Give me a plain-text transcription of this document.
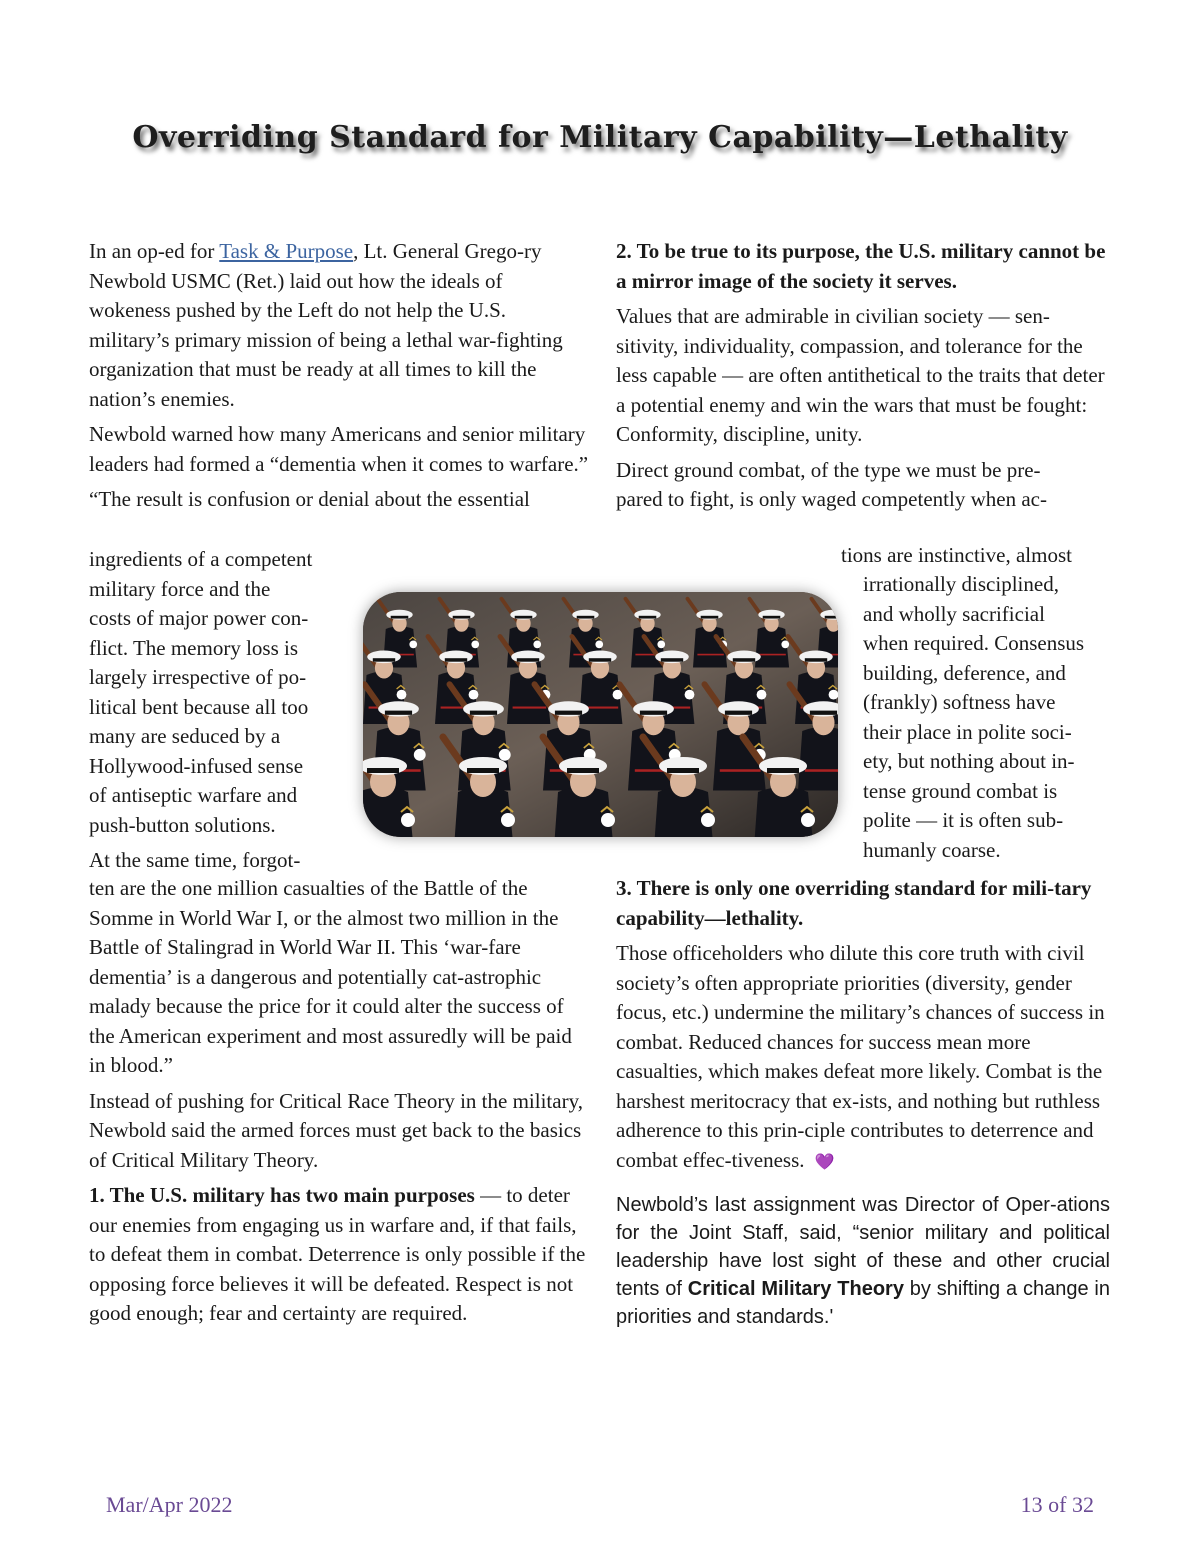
Overriding Standard for Military Capability—Lethality

In an op-ed for Task & Purpose, Lt. General Grego-ry Newbold USMC (Ret.) laid out how the ideals of wokeness pushed by the Left do not help the U.S. military’s primary mission of being a lethal war-fighting organization that must be ready at all times to kill the nation’s enemies.

Newbold warned how many Americans and senior military leaders had formed a “dementia when it comes to warfare.”

“The result is confusion or denial about the essential

ingredients of a competent
military force and the
costs of major power con-
flict. The memory loss is
largely irrespective of po-
litical bent because all too
many are seduced by a
Hollywood-infused sense
of antiseptic warfare and
push-button solutions.
At the same time, forgot-

ten are the one million casualties of the Battle of the Somme in World War I, or the almost two million in the Battle of Stalingrad in World War II. This ‘war-fare dementia’ is a dangerous and potentially cat-astrophic malady because the price for it could alter the success of the American experiment and most assuredly will be paid in blood.”

Instead of pushing for Critical Race Theory in the military, Newbold said the armed forces must get back to the basics of Critical Military Theory.

1. The U.S. military has two main purposes — to deter our enemies from engaging us in warfare and, if that fails, to defeat them in combat. Deterrence is only possible if the opposing force believes it will be defeated. Respect is not good enough; fear and certainty are required.

2. To be true to its purpose, the U.S. military cannot be a mirror image of the society it serves.

Values that are admirable in civilian society — sen-sitivity, individuality, compassion, and tolerance for the less capable — are often antithetical to the traits that deter a potential enemy and win the wars that must be fought: Conformity, discipline, unity.

Direct ground combat, of the type we must be pre-
pared to fight, is only waged competently when ac-

tions are instinctive, almost
irrationally disciplined,
and wholly sacrificial
when required. Consensus
building, deference, and
(frankly) softness have
their place in polite soci-
ety, but nothing about in-
tense ground combat is
polite — it is often sub-
humanly coarse.

3. There is only one overriding standard for mili-tary capability—lethality.

Those officeholders who dilute this core truth with civil society’s often appropriate priorities (diversity, gender focus, etc.) undermine the military’s chances of success in combat. Reduced chances for success mean more casualties, which makes defeat more likely. Combat is the harshest meritocracy that ex-ists, and nothing but ruthless adherence to this prin-ciple contributes to deterrence and combat effec-tiveness. 💜

Newbold’s last assignment was Director of Oper-ations for the Joint Staff, said, “senior military and political leadership have lost sight of these and other crucial tents of Critical Military Theory by shifting a change in priorities and standards.'

Mar/Apr 2022	13 of 32
